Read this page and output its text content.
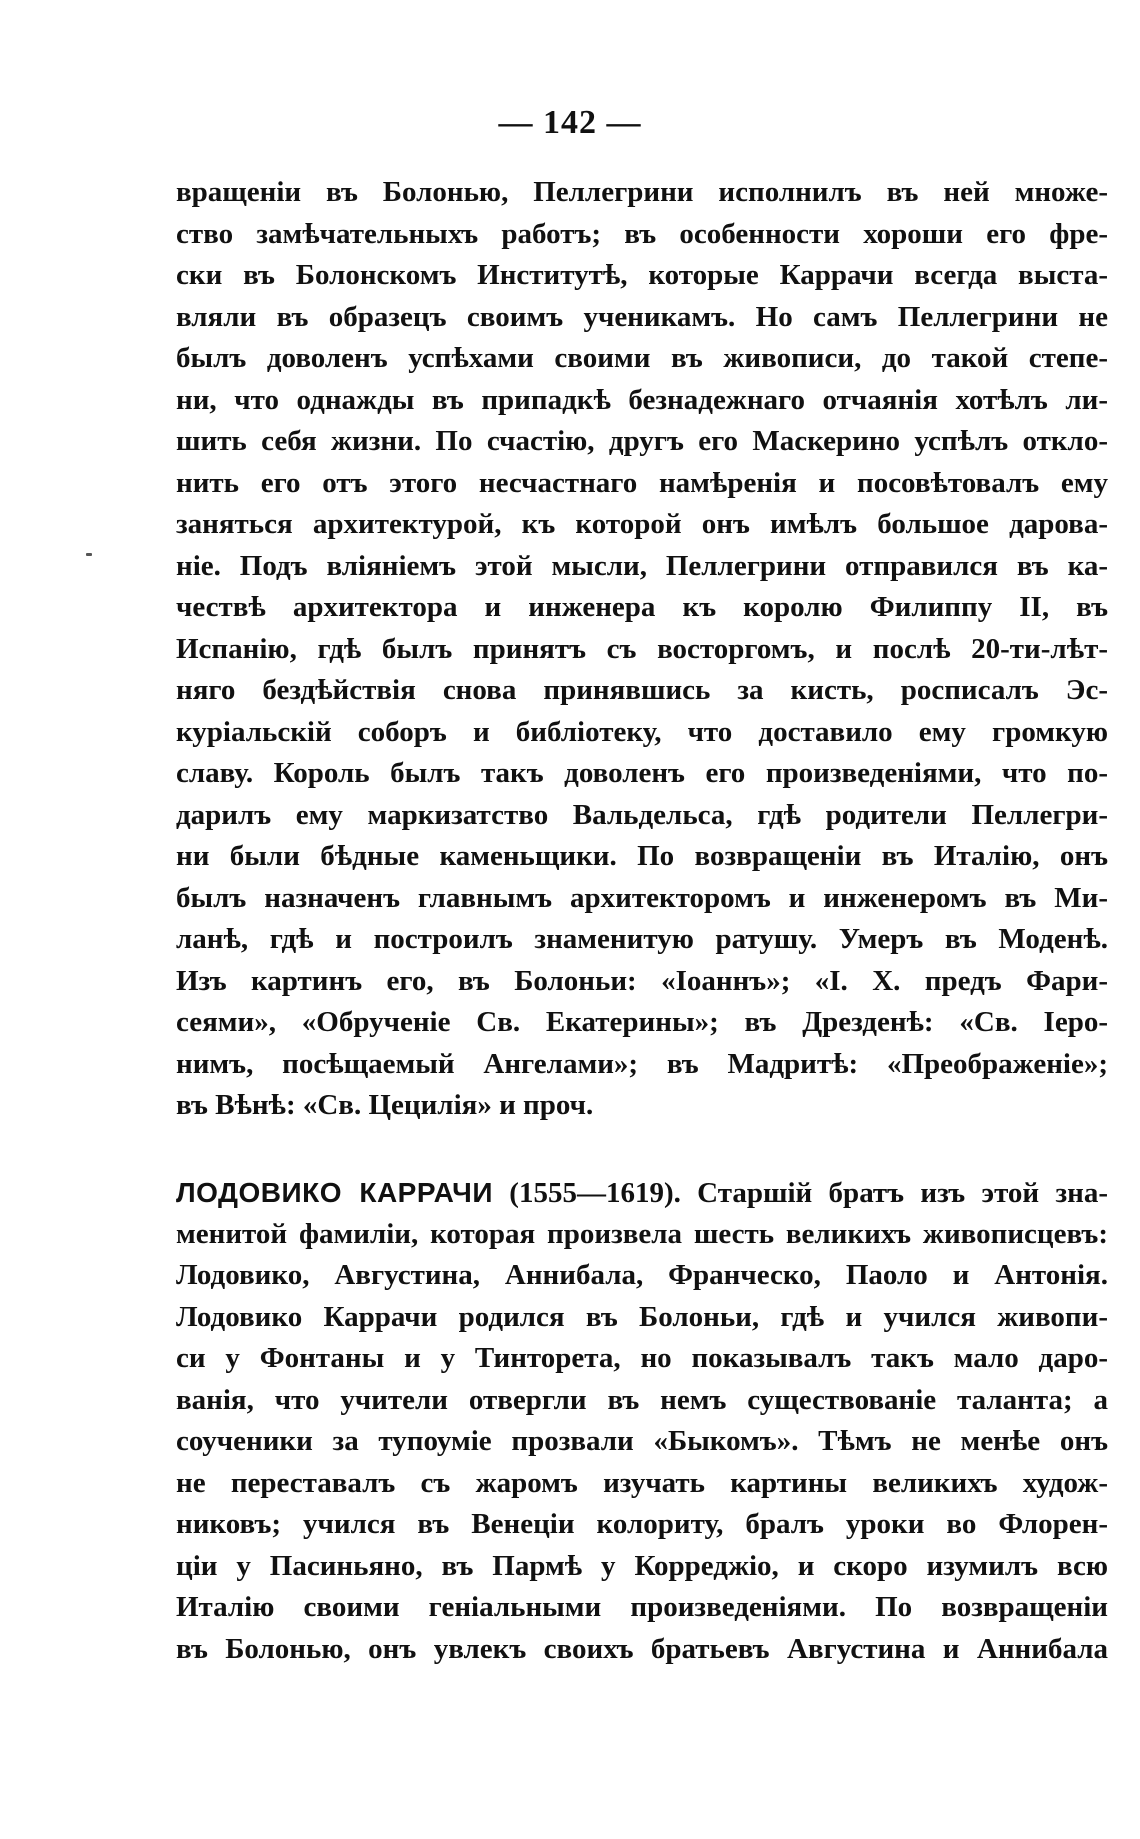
— 142 —
вращеніи въ Болонью, Пеллегрини исполнилъ въ ней множе-
ство замѣчательныхъ работъ; въ особенности хороши его фре-
ски въ Болонскомъ Институтѣ, которые Каррачи всегда выста-
вляли въ образецъ своимъ ученикамъ. Но самъ Пеллегрини не
былъ доволенъ успѣхами своими въ живописи, до такой степе-
ни, что однажды въ припадкѣ безнадежнаго отчаянія хотѣлъ ли-
шить себя жизни. По счастію, другъ его Маскерино успѣлъ откло-
нить его отъ этого несчастнаго намѣренія и посовѣтовалъ ему
заняться архитектурой, къ которой онъ имѣлъ большое дарова-
ніе. Подъ вліяніемъ этой мысли, Пеллегрини отправился въ ка-
чествѣ архитектора и инженера къ королю Филиппу II, въ
Испанію, гдѣ былъ принятъ съ восторгомъ, и послѣ 20-ти-лѣт-
няго бездѣйствія снова принявшись за кисть, росписалъ Эс-
куріальскій соборъ и библіотеку, что доставило ему громкую
славу. Король былъ такъ доволенъ его произведеніями, что по-
дарилъ ему маркизатство Вальдельса, гдѣ родители Пеллегри-
ни были бѣдные каменьщики. По возвращеніи въ Италію, онъ
былъ назначенъ главнымъ архитекторомъ и инженеромъ въ Ми-
ланѣ, гдѣ и построилъ знаменитую ратушу. Умеръ въ Моденѣ.
Изъ картинъ его, въ Болоньи: «Іоаннъ»; «І. Х. предъ Фари-
сеями», «Обрученіе Св. Екатерины»; въ Дрезденѣ: «Св. Іеро-
нимъ, посѣщаемый Ангелами»; въ Мадритѣ: «Преображеніе»;
въ Вѣнѣ: «Св. Цецилія» и проч.
ЛОДОВИКО КАРРАЧИ (1555—1619). Старшій братъ изъ этой зна-
менитой фамиліи, которая произвела шесть великихъ живописцевъ:
Лодовико, Августина, Аннибала, Франческо, Паоло и Антонія.
Лодовико Каррачи родился въ Болоньи, гдѣ и учился живопи-
си у Фонтаны и у Тинторета, но показывалъ такъ мало даро-
ванія, что учители отвергли въ немъ существованіе таланта; а
соученики за тупоуміе прозвали «Быкомъ». Тѣмъ не менѣе онъ
не переставалъ съ жаромъ изучать картины великихъ худож-
никовъ; учился въ Венеціи колориту, бралъ уроки во Флорен-
ціи у Пасиньяно, въ Пармѣ у Корреджіо, и скоро изумилъ всю
Италію своими геніальными произведеніями. По возвращеніи
въ Болонью, онъ увлекъ своихъ братьевъ Августина и Аннибала
